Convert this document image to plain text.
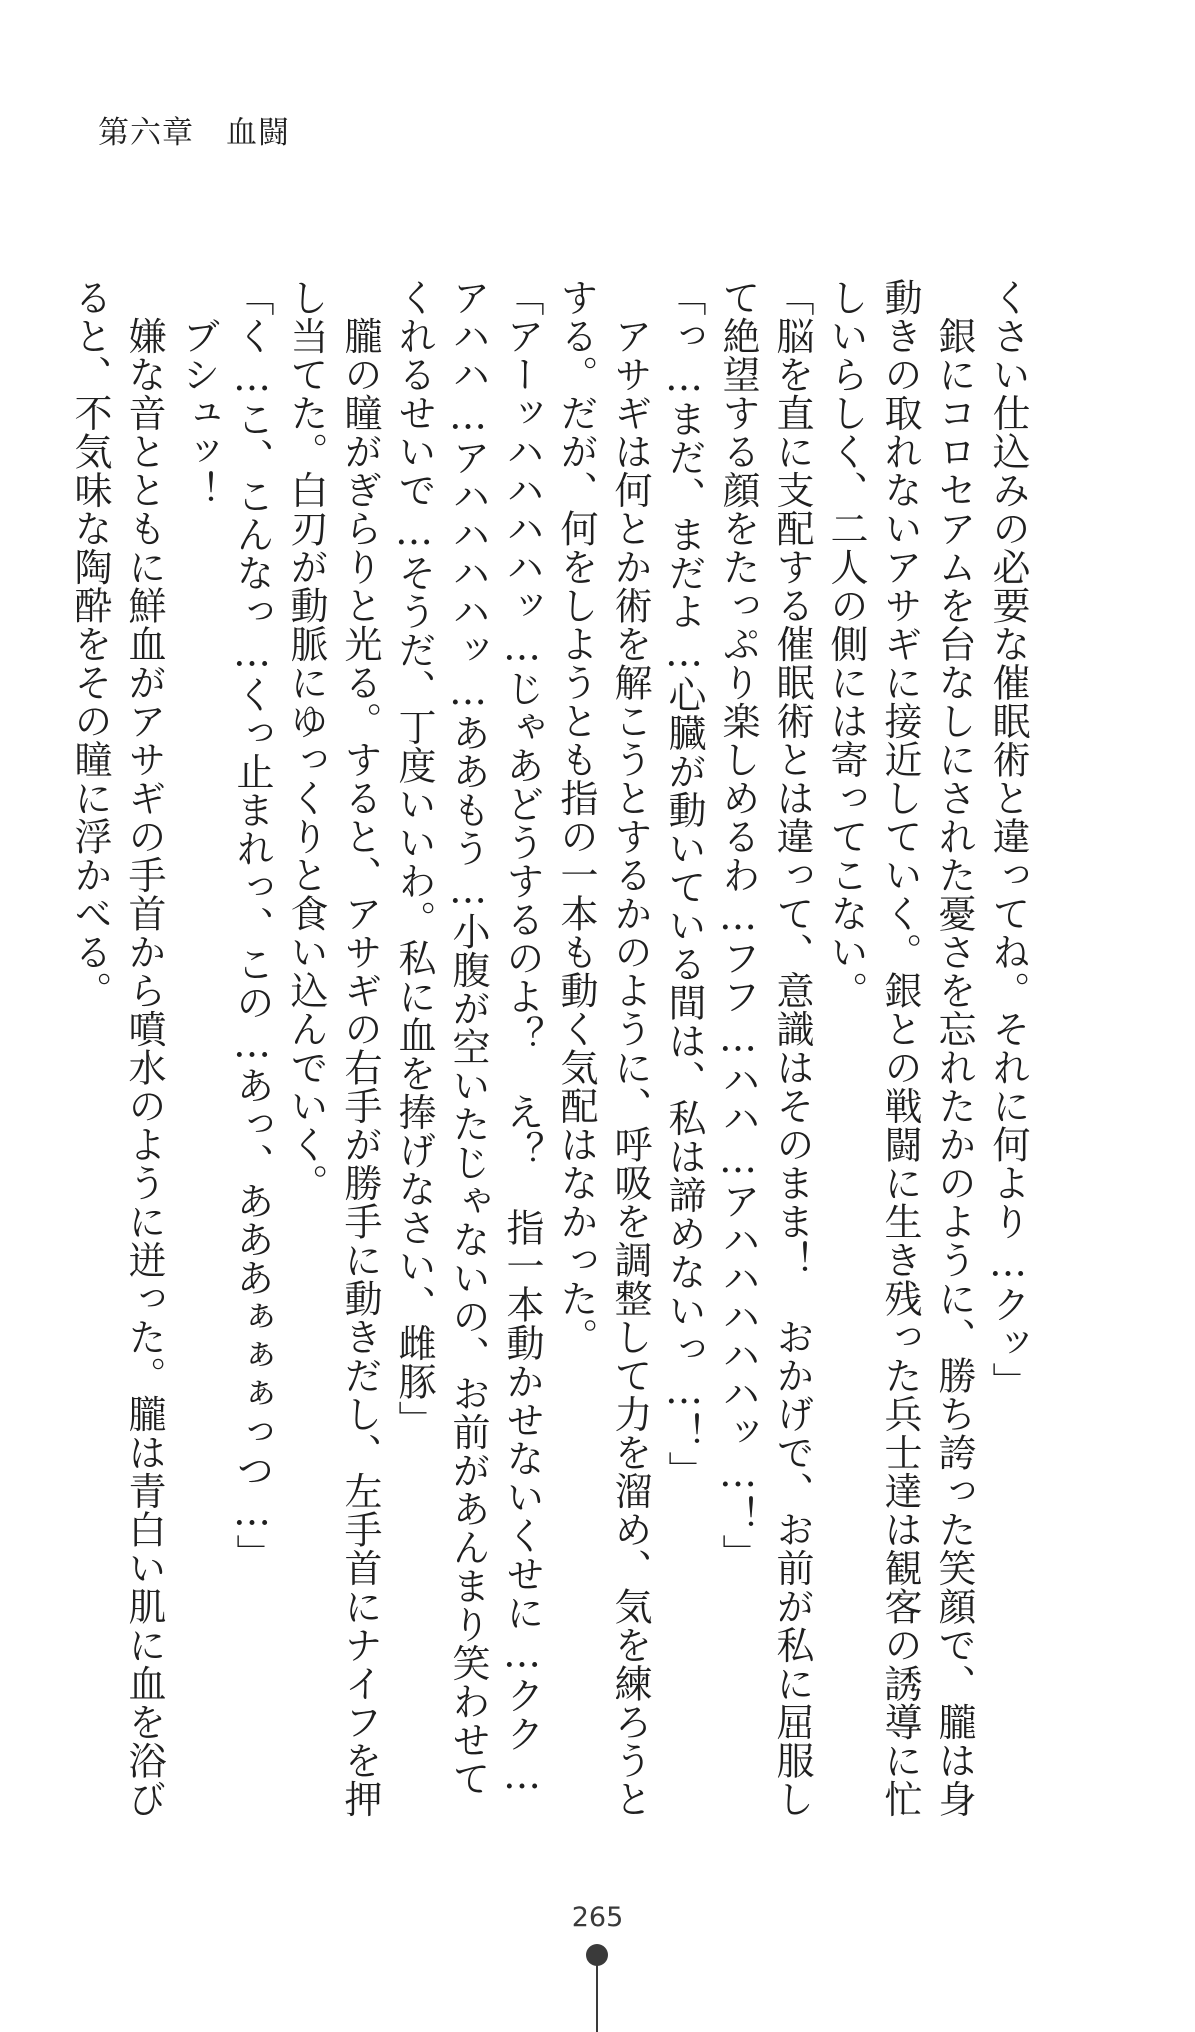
第六章　血闘
くさい仕込みの必要な催眠術と違ってね。それに何より…クッ」
　銀にコロセアムを台なしにされた憂さを忘れたかのように、勝ち誇った笑顔で、朧は身
動きの取れないアサギに接近していく。銀との戦闘に生き残った兵士達は観客の誘導に忙
しいらしく、二人の側には寄ってこない。
「脳を直に支配する催眠術とは違って、意識はそのまま！　おかげで、お前が私に屈服し
て絶望する顔をたっぷり楽しめるわ…フフ…ハハ…アハハハハハッ…！」
「っ…まだ、まだよ…心臓が動いている間は、私は諦めないっ…！」
　アサギは何とか術を解こうとするかのように、呼吸を調整して力を溜め、気を練ろうと
する。だが、何をしようとも指の一本も動く気配はなかった。
「アーッハハハハッ…じゃあどうするのよ？　え？　指一本動かせないくせに…クク…
アハハ…アハハハハッ…ああもう…小腹が空いたじゃないの、お前があんまり笑わせて
くれるせいで…そうだ、丁度いいわ。私に血を捧げなさい、雌豚」
　朧の瞳がぎらりと光る。すると、アサギの右手が勝手に動きだし、左手首にナイフを押
し当てた。白刃が動脈にゆっくりと食い込んでいく。
「く…こ、こんなっ…くっ止まれっ、この…あっ、あああぁぁぁっつ…」
　ブシュッ！
　嫌な音とともに鮮血がアサギの手首から噴水のように迸った。朧は青白い肌に血を浴び
ると、不気味な陶酔をその瞳に浮かべる。
265
